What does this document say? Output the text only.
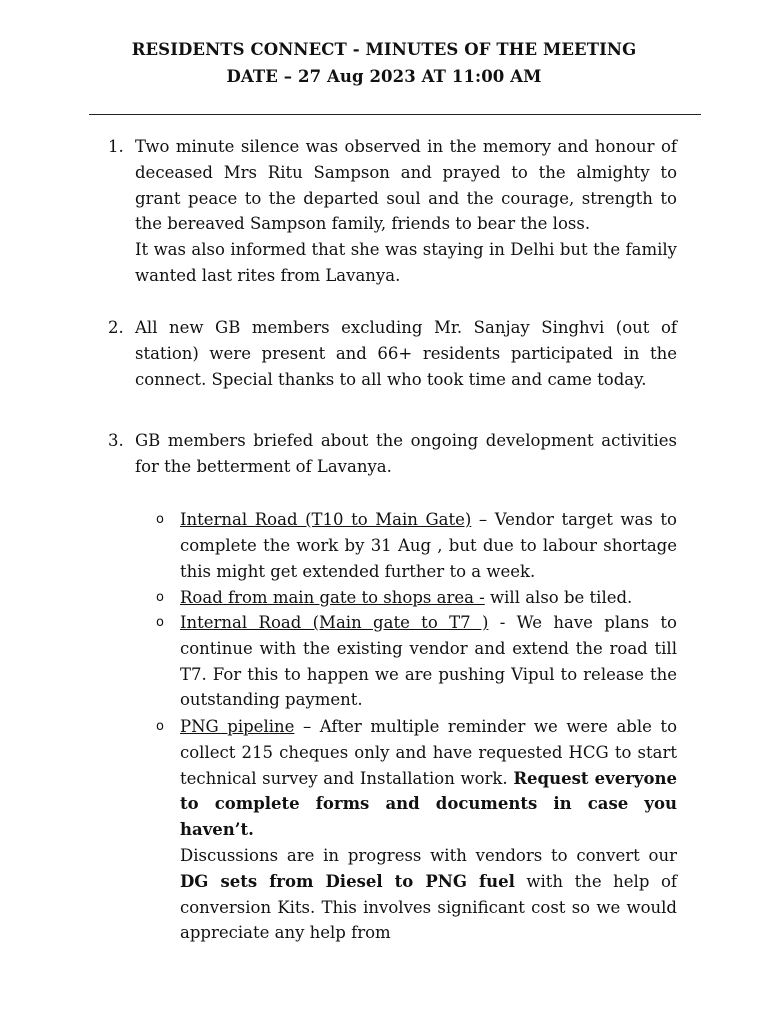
RESIDENTS CONNECT - MINUTES OF THE MEETING
DATE – 27 Aug 2023 AT 11:00 AM
1. Two minute silence was observed in the memory and honour of deceased Mrs Ritu Sampson and prayed to the almighty to grant peace to the departed soul and the courage, strength to the bereaved Sampson family, friends to bear the loss.

It was also informed that she was staying in Delhi but the family wanted last rites from Lavanya.

2. All new GB members excluding Mr. Sanjay Singhvi (out of station) were present and 66+ residents participated in the connect. Special thanks to all who took time and came today.

3. GB members briefed about the ongoing development activities for the betterment of Lavanya.

o Internal Road (T10 to Main Gate) – Vendor target was to complete the work by 31 Aug , but due to labour shortage this might get extended further to a week.
o Road from main gate to shops area - will also be tiled.
o Internal Road (Main gate to T7 ) - We have plans to continue with the existing vendor and extend the road till T7. For this to happen we are pushing Vipul to release the outstanding payment.
o PNG pipeline – After multiple reminder we were able to collect 215 cheques only and have requested HCG to start technical survey and Installation work. Request everyone to complete forms and documents in case you haven’t.

Discussions are in progress with vendors to convert our DG sets from Diesel to PNG fuel with the help of conversion Kits. This involves significant cost so we would appreciate any help from
